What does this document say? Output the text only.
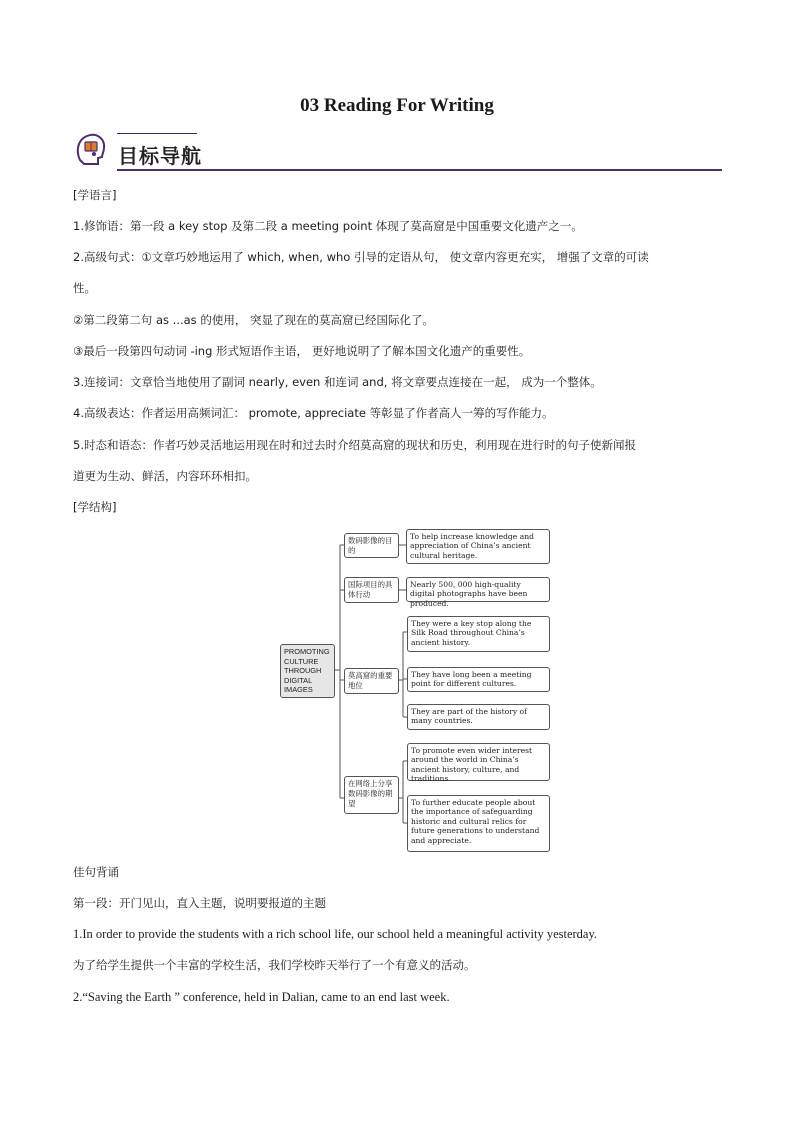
03 Reading For Writing
目标导航
[学语言]
1.修饰语：第一段 a key stop 及第二段 a meeting point 体现了莫高窟是中国重要文化遗产之一。
2.高级句式：①文章巧妙地运用了 which, when, who 引导的定语从句， 使文章内容更充实， 增强了文章的可读
性。
②第二段第二句 as ...as 的使用， 突显了现在的莫高窟已经国际化了。
③最后一段第四句动词 -ing 形式短语作主语， 更好地说明了了解本国文化遗产的重要性。
3.连接词：文章恰当地使用了副词 nearly, even 和连词 and, 将文章要点连接在一起， 成为一个整体。
4.高级表达：作者运用高频词汇： promote, appreciate 等彰显了作者高人一筹的写作能力。
5.时态和语态：作者巧妙灵活地运用现在时和过去时介绍莫高窟的现状和历史，利用现在进行时的句子使新闻报
道更为生动、鲜活，内容环环相扣。
[学结构]
PROMOTING CULTURE THROUGH DIGITAL IMAGES
数码影像的目的
国际项目的具体行动
莫高窟的重要地位
在网络上分享数码影像的期望
To help increase knowledge and appreciation of China’s ancient cultural heritage.
Nearly 500, 000 high-quality digital photographs have been produced.
They were a key stop along the Silk Road throughout China’s ancient history.
They have long been a meeting point for different cultures.
They are part of the history of many countries.
To promote even wider interest around the world in China’s ancient history, culture, and traditions.
To further educate people about the importance of safeguarding historic and cultural relics for future generations to understand and appreciate.
佳句背诵
第一段：开门见山，直入主题，说明要报道的主题
1.In order to provide the students with a rich school life, our school held a meaningful activity yesterday.
为了给学生提供一个丰富的学校生活，我们学校昨天举行了一个有意义的活动。
2.“Saving the Earth ” conference, held in Dalian, came to an end last week.
